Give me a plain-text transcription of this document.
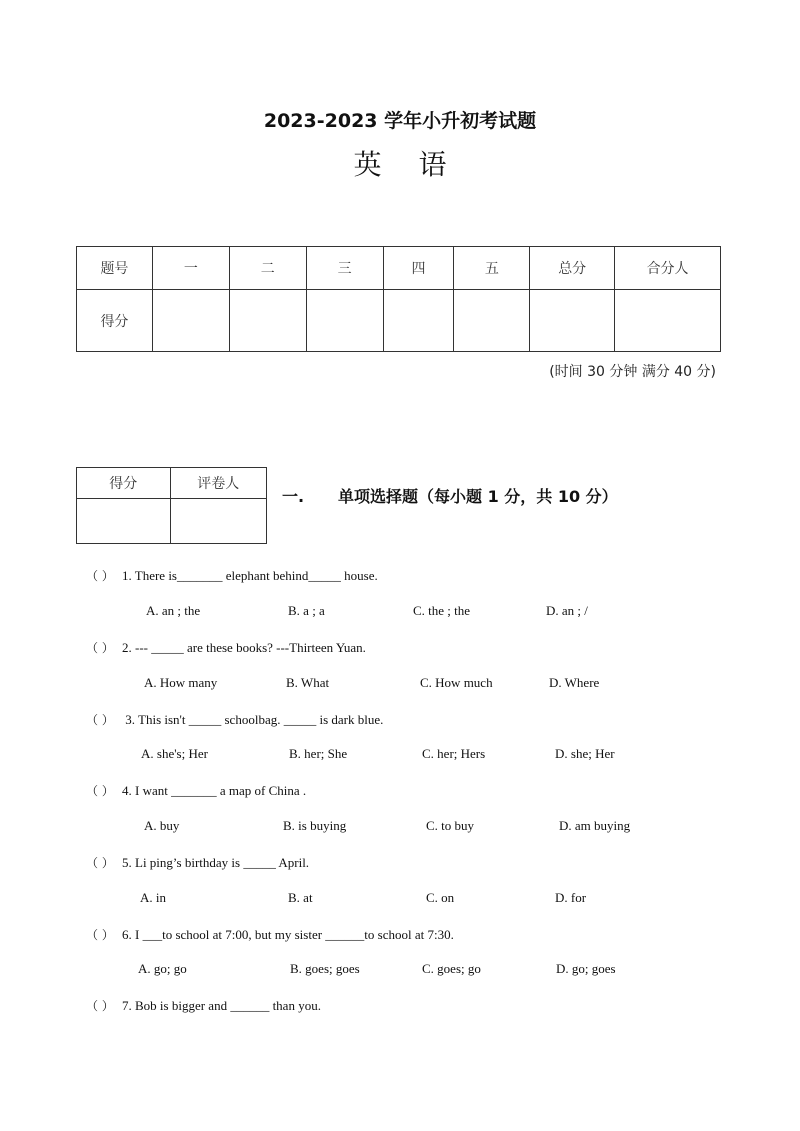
2023-2023 学年小升初考试题
英 语
题号	一	二	三	四	五	总分	合分人
得分							
(时间 30 分钟 满分 40 分)
得分	评卷人

一. 单项选择题（每小题 1 分，共 10 分）
（ ） 1. There is_______ elephant behind_____ house.
A. an ; the	B. a ; a	C. the ; the	D. an ; /
（ ） 2. --- _____ are these books? ---Thirteen Yuan.
A. How many	B. What	C. How much	D. Where
（ ） 3. This isn't _____ schoolbag. _____ is dark blue.
A. she's; Her	B. her; She	C. her; Hers	D. she; Her
（ ） 4. I want _______ a map of China .
A. buy	B. is buying	C. to buy	D. am buying
（ ） 5. Li ping’s birthday is _____ April.
A. in	B. at	C. on	D. for
（ ） 6. I ___to school at 7:00, but my sister ______to school at 7:30.
A. go; go	B. goes; goes	C. goes; go	D. go; goes
（ ） 7. Bob is bigger and ______ than you.
